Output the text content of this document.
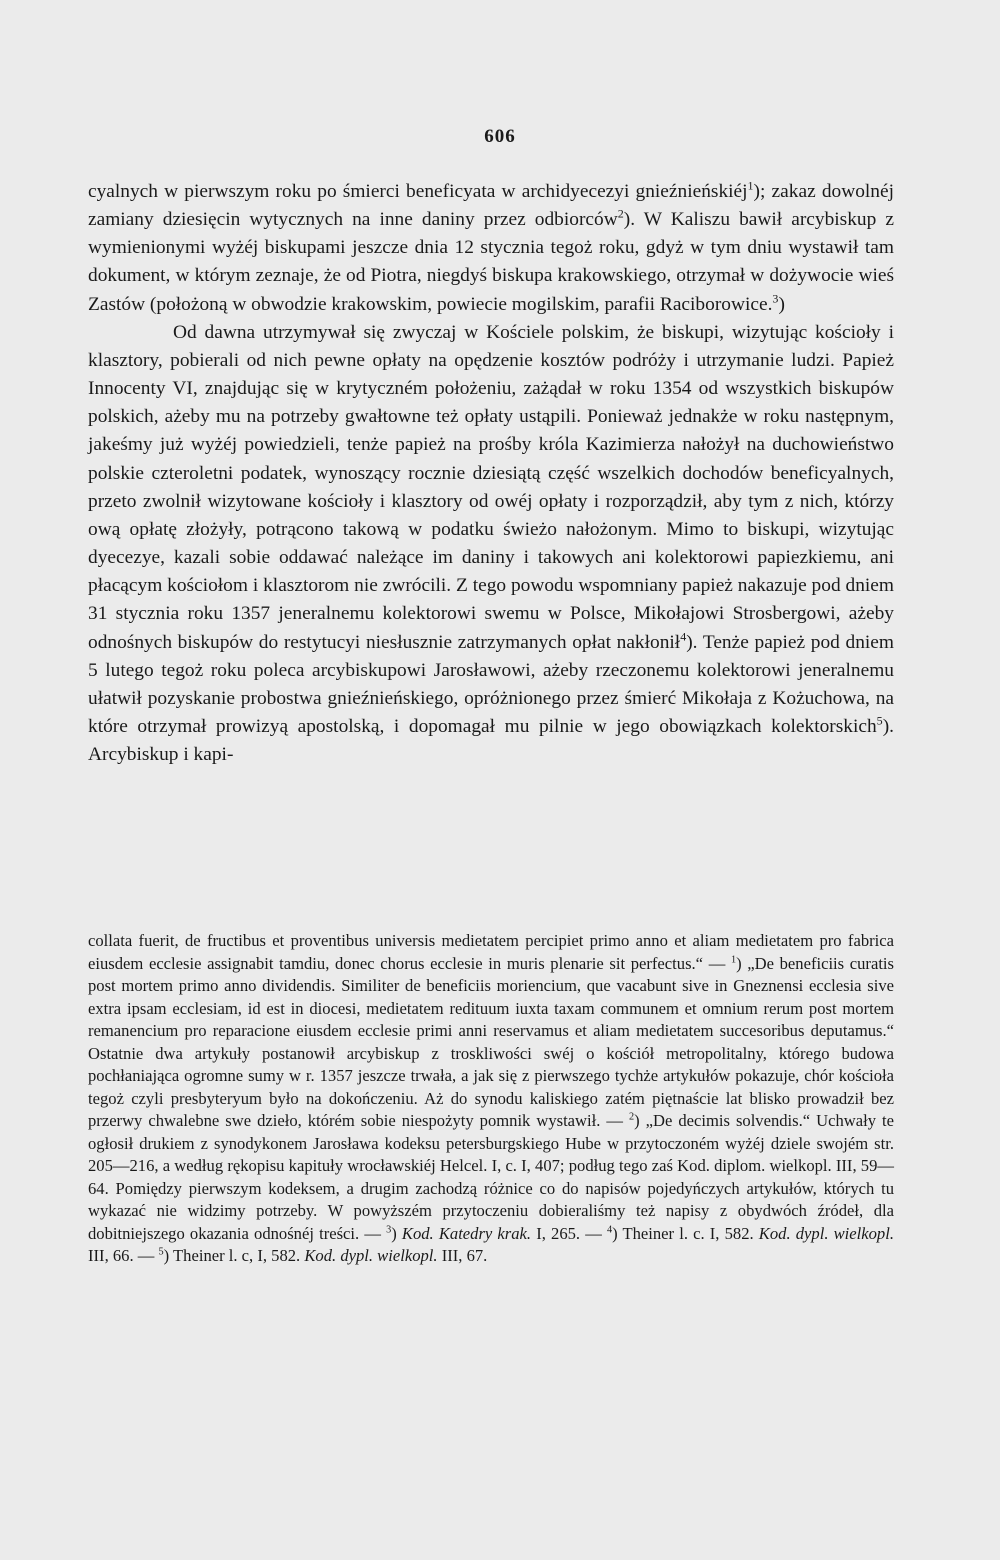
606

cyalnych w pierwszym roku po śmierci beneficyata w archidyecezyi gnieźnieńskiéj$^1$); zakaz dowolnéj zamiany dziesięcin wytycznych na inne daniny przez odbiorców$^2$). W Kaliszu bawił arcybiskup z wymienionymi wyżéj biskupami jeszcze dnia 12 stycznia tegoż roku, gdyż w tym dniu wystawił tam dokument, w którym zeznaje, że od Piotra, niegdyś biskupa krakowskiego, otrzymał w dożywocie wieś Zastów (położoną w obwodzie krakowskim, powiecie mogilskim, parafii Raciborowice.$^3$)

Od dawna utrzymywał się zwyczaj w Kościele polskim, że biskupi, wizytując kościoły i klasztory, pobierali od nich pewne opłaty na opędzenie kosztów podróży i utrzymanie ludzi. Papież Innocenty VI, znajdując się w krytyczném położeniu, zażądał w roku 1354 od wszystkich biskupów polskich, ażeby mu na potrzeby gwałtowne też opłaty ustąpili. Ponieważ jednakże w roku następnym, jakeśmy już wyżéj powiedzieli, tenże papież na prośby króla Kazimierza nałożył na duchowieństwo polskie czteroletni podatek, wynoszący rocznie dziesiątą część wszelkich dochodów beneficyalnych, przeto zwolnił wizytowane kościoły i klasztory od owéj opłaty i rozporządził, aby tym z nich, którzy ową opłatę złożyły, potrącono takową w podatku świeżo nałożonym. Mimo to biskupi, wizytując dyecezye, kazali sobie oddawać należące im daniny i takowych ani kolektorowi papiezkiemu, ani płacącym kościołom i klasztorom nie zwrócili. Z tego powodu wspomniany papież nakazuje pod dniem 31 stycznia roku 1357 jeneralnemu kolektorowi swemu w Polsce, Mikołajowi Strosbergowi, ażeby odnośnych biskupów do restytucyi niesłusznie zatrzymanych opłat nakłonił$^4$). Tenże papież pod dniem 5 lutego tegoż roku poleca arcybiskupowi Jarosławowi, ażeby rzeczonemu kolektorowi jeneralnemu ułatwił pozyskanie probostwa gnieźnieńskiego, opróżnionego przez śmierć Mikołaja z Kożuchowa, na które otrzymał prowizyą apostolską, i dopomagał mu pilnie w jego obowiązkach kolektorskich$^5$). Arcybiskup i kapi-

collata fuerit, de fructibus et proventibus universis medietatem percipiet primo anno et aliam medietatem pro fabrica eiusdem ecclesie assignabit tamdiu, donec chorus ecclesie in muris plenarie sit perfectus.“ — $^1$) „De beneficiis curatis post mortem primo anno dividendis. Similiter de beneficiis moriencium, que vacabunt sive in Gneznensi ecclesia sive extra ipsam ecclesiam, id est in diocesi, medietatem redituum iuxta taxam communem et omnium rerum post mortem remanencium pro reparacione eiusdem ecclesie primi anni reservamus et aliam medietatem succesoribus deputamus.“ Ostatnie dwa artykuły postanowił arcybiskup z troskliwości swéj o kościół metropolitalny, którego budowa pochłaniająca ogromne sumy w r. 1357 jeszcze trwała, a jak się z pierwszego tychże artykułów pokazuje, chór kościoła tegoż czyli presbyteryum było na dokończeniu. Aż do synodu kaliskiego zatém piętnaście lat blisko prowadził bez przerwy chwalebne swe dzieło, którém sobie niespożyty pomnik wystawił. — $^2$) „De decimis solvendis.“ Uchwały te ogłosił drukiem z synodykonem Jarosława kodeksu petersburgskiego Hube w przytoczoném wyżéj dziele swojém str. 205—216, a według rękopisu kapituły wrocławskiéj Helcel. I, c. I, 407; podług tego zaś Kod. diplom. wielkopl. III, 59—64. Pomiędzy pierwszym kodeksem, a drugim zachodzą różnice co do napisów pojedyńczych artykułów, których tu wykazać nie widzimy potrzeby. W powyższém przytoczeniu dobieraliśmy też napisy z obydwóch źródeł, dla dobitniejszego okazania odnośnéj treści. — $^3$) Kod. Katedry krak. I, 265. — $^4$) Theiner l. c. I, 582. Kod. dypl. wielkopl. III, 66. — $^5$) Theiner l. c, I, 582. Kod. dypl. wielkopl. III, 67.
